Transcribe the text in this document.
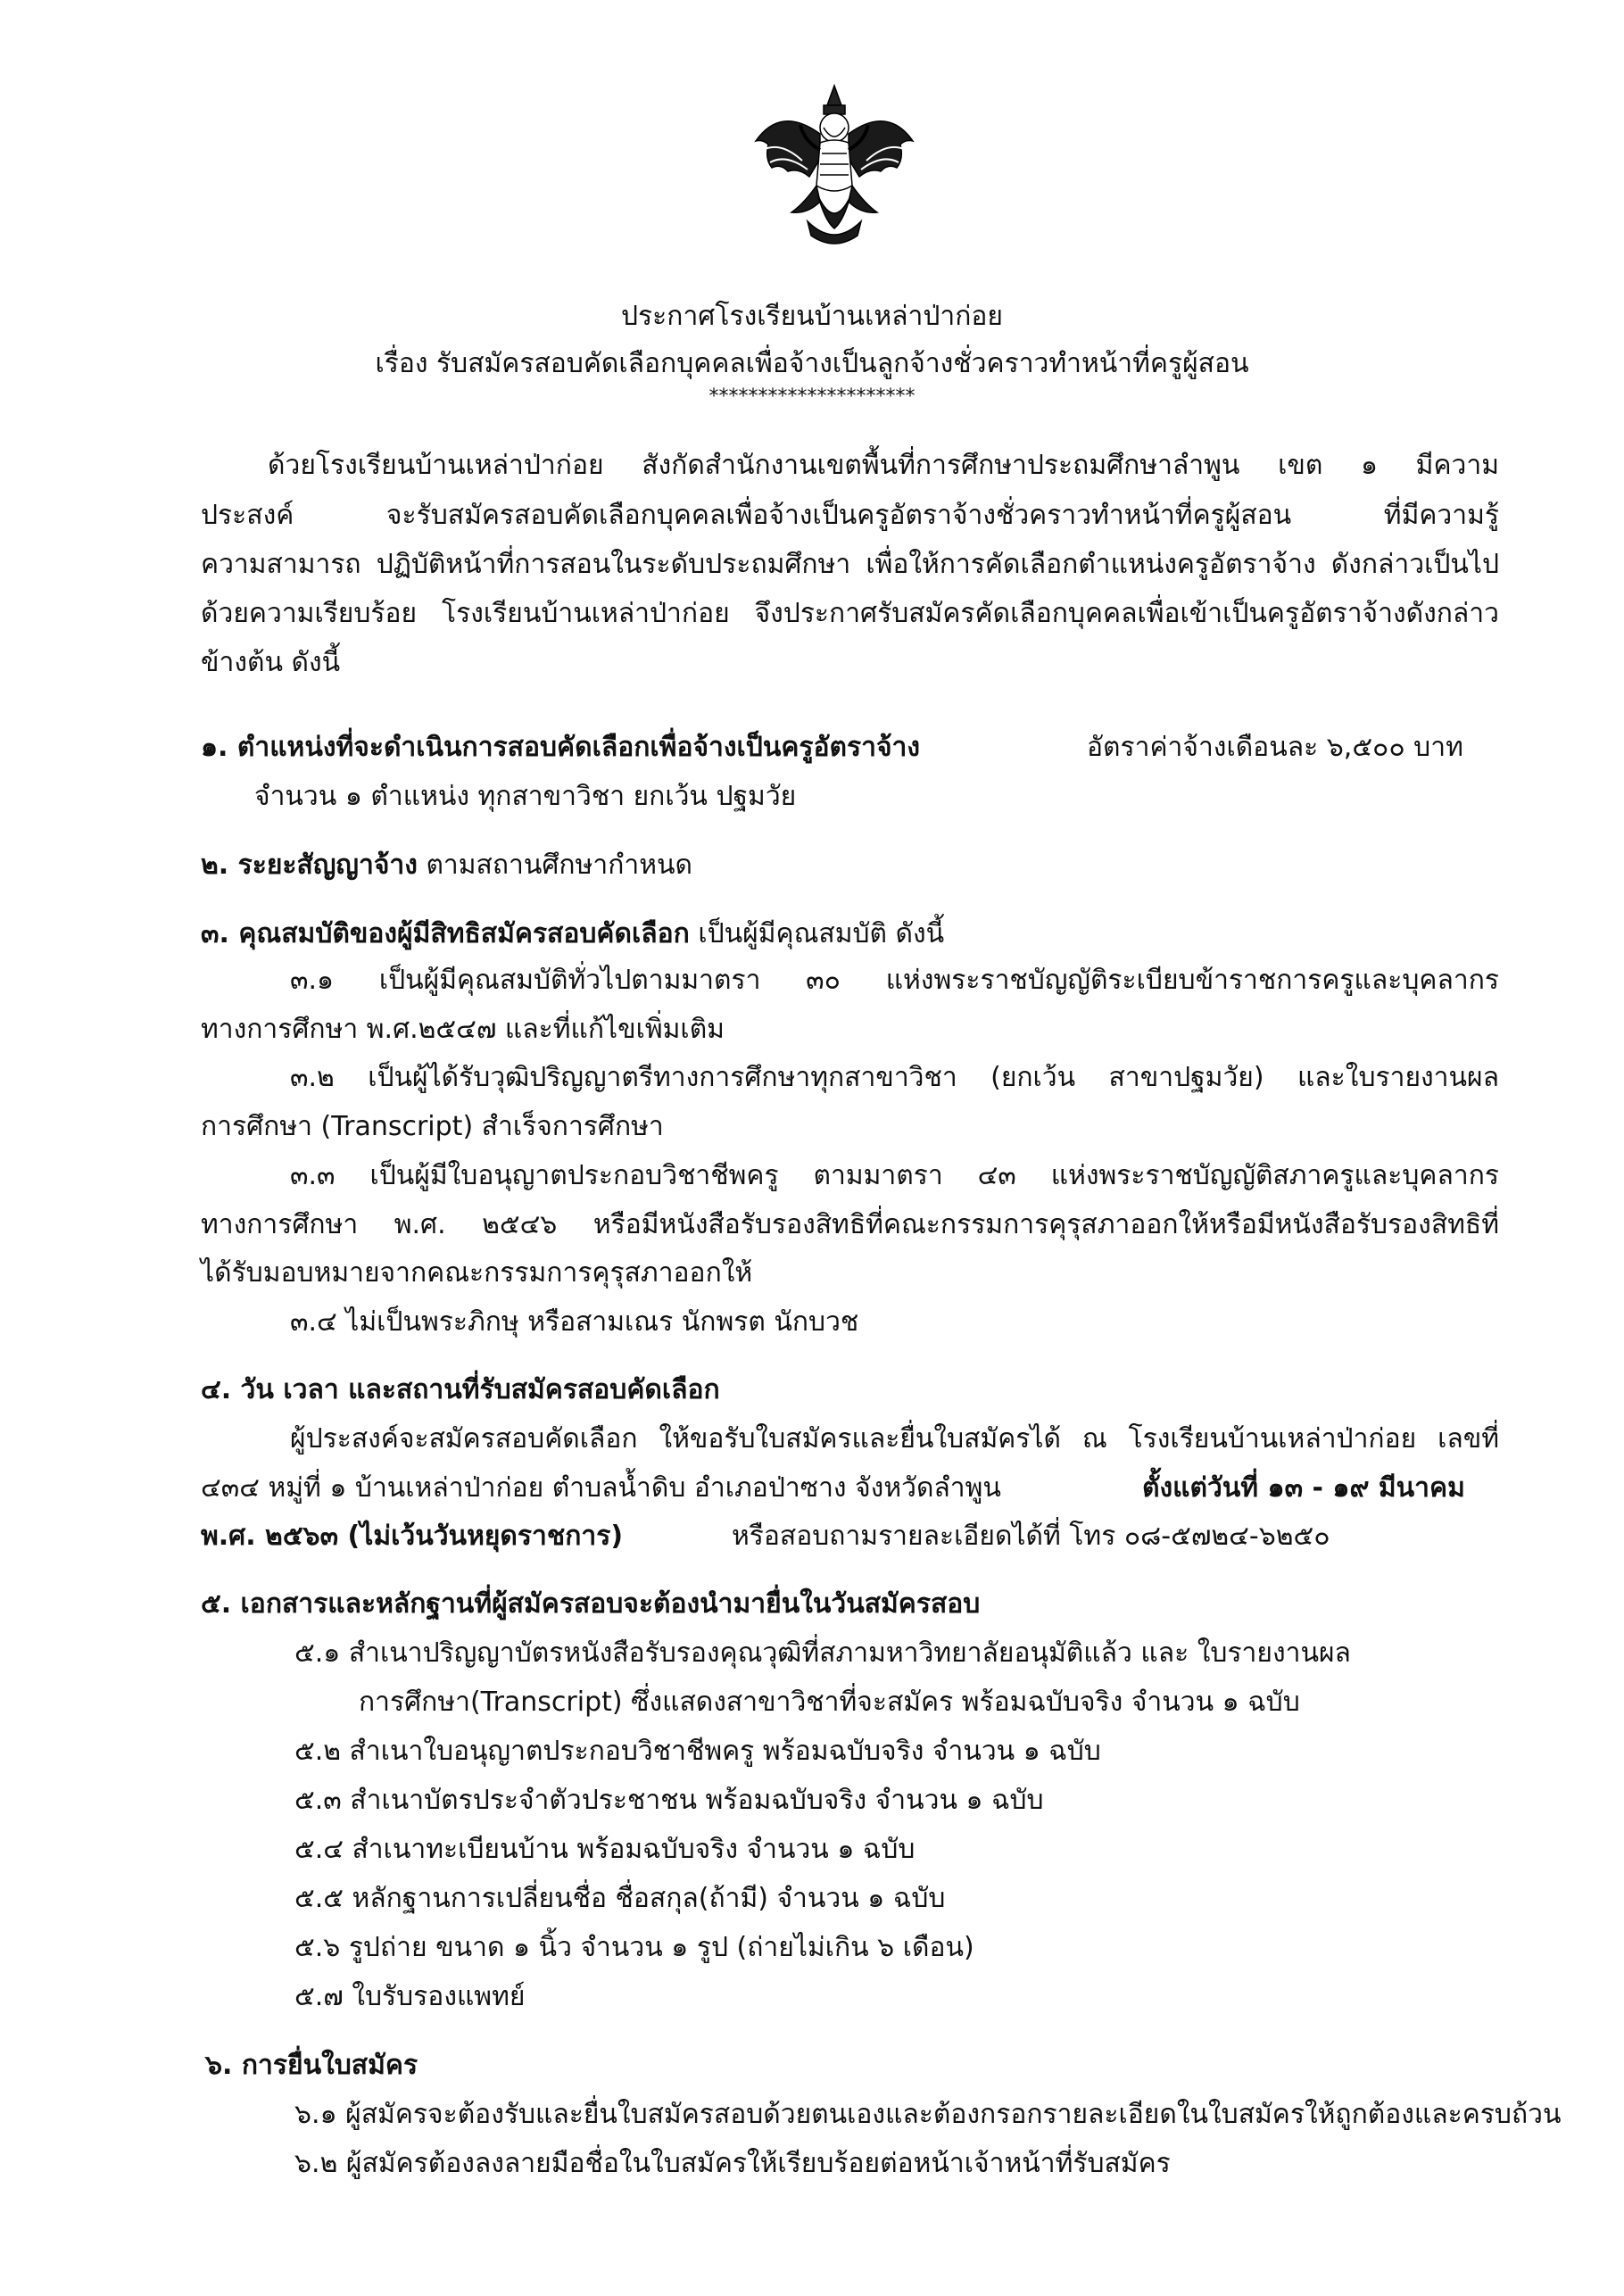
ประกาศโรงเรียนบ้านเหล่าป่าก่อย
เรื่อง รับสมัครสอบคัดเลือกบุคคลเพื่อจ้างเป็นลูกจ้างชั่วคราวทำหน้าที่ครูผู้สอน
*********************
ด้วยโรงเรียนบ้านเหล่าป่าก่อย สังกัดสำนักงานเขตพื้นที่การศึกษาประถมศึกษาลำพูน เขต ๑ มีความ
ประสงค์ จะรับสมัครสอบคัดเลือกบุคคลเพื่อจ้างเป็นครูอัตราจ้างชั่วคราวทำหน้าที่ครูผู้สอน ที่มีความรู้
ความสามารถ ปฏิบัติหน้าที่การสอนในระดับประถมศึกษา เพื่อให้การคัดเลือกตำแหน่งครูอัตราจ้าง ดังกล่าวเป็นไป
ด้วยความเรียบร้อย โรงเรียนบ้านเหล่าป่าก่อย จึงประกาศรับสมัครคัดเลือกบุคคลเพื่อเข้าเป็นครูอัตราจ้างดังกล่าว
ข้างต้น ดังนี้
๑. ตำแหน่งที่จะดำเนินการสอบคัดเลือกเพื่อจ้างเป็นครูอัตราจ้าง	อัตราค่าจ้างเดือนละ ๖,๕๐๐ บาท
จำนวน ๑ ตำแหน่ง ทุกสาขาวิชา ยกเว้น ปฐมวัย
๒. ระยะสัญญาจ้าง ตามสถานศึกษากำหนด
๓. คุณสมบัติของผู้มีสิทธิสมัครสอบคัดเลือก เป็นผู้มีคุณสมบัติ ดังนี้
๓.๑ เป็นผู้มีคุณสมบัติทั่วไปตามมาตรา ๓๐ แห่งพระราชบัญญัติระเบียบข้าราชการครูและบุคลากร
ทางการศึกษา พ.ศ.๒๕๔๗ และที่แก้ไขเพิ่มเติม
๓.๒ เป็นผู้ได้รับวุฒิปริญญาตรีทางการศึกษาทุกสาขาวิชา (ยกเว้น สาขาปฐมวัย) และใบรายงานผล
การศึกษา (Transcript) สำเร็จการศึกษา
๓.๓ เป็นผู้มีใบอนุญาตประกอบวิชาชีพครู ตามมาตรา ๔๓ แห่งพระราชบัญญัติสภาครูและบุคลากร
ทางการศึกษา พ.ศ. ๒๕๔๖ หรือมีหนังสือรับรองสิทธิที่คณะกรรมการคุรุสภาออกให้หรือมีหนังสือรับรองสิทธิที่
ได้รับมอบหมายจากคณะกรรมการคุรุสภาออกให้
๓.๔ ไม่เป็นพระภิกษุ หรือสามเณร นักพรต นักบวช
๔. วัน เวลา และสถานที่รับสมัครสอบคัดเลือก
ผู้ประสงค์จะสมัครสอบคัดเลือก ให้ขอรับใบสมัครและยื่นใบสมัครได้ ณ โรงเรียนบ้านเหล่าป่าก่อย เลขที่
๔๓๔ หมู่ที่ ๑ บ้านเหล่าป่าก่อย ตำบลน้ำดิบ อำเภอป่าซาง จังหวัดลำพูน	ตั้งแต่วันที่ ๑๓ - ๑๙ มีนาคม
พ.ศ. ๒๕๖๓ (ไม่เว้นวันหยุดราชการ)	หรือสอบถามรายละเอียดได้ที่ โทร ๐๘-๕๗๒๔-๖๒๕๐
๕. เอกสารและหลักฐานที่ผู้สมัครสอบจะต้องนำมายื่นในวันสมัครสอบ
๕.๑ สำเนาปริญญาบัตรหนังสือรับรองคุณวุฒิที่สภามหาวิทยาลัยอนุมัติแล้ว และ ใบรายงานผล
การศึกษา(Transcript) ซึ่งแสดงสาขาวิชาที่จะสมัคร พร้อมฉบับจริง จำนวน ๑ ฉบับ
๕.๒ สำเนาใบอนุญาตประกอบวิชาชีพครู พร้อมฉบับจริง จำนวน ๑ ฉบับ
๕.๓ สำเนาบัตรประจำตัวประชาชน พร้อมฉบับจริง จำนวน ๑ ฉบับ
๕.๔ สำเนาทะเบียนบ้าน พร้อมฉบับจริง จำนวน ๑ ฉบับ
๕.๕ หลักฐานการเปลี่ยนชื่อ ชื่อสกุล(ถ้ามี) จำนวน ๑ ฉบับ
๕.๖ รูปถ่าย ขนาด ๑ นิ้ว จำนวน ๑ รูป (ถ่ายไม่เกิน ๖ เดือน)
๕.๗ ใบรับรองแพทย์
๖. การยื่นใบสมัคร
๖.๑ ผู้สมัครจะต้องรับและยื่นใบสมัครสอบด้วยตนเองและต้องกรอกรายละเอียดในใบสมัครให้ถูกต้องและครบถ้วน
๖.๒ ผู้สมัครต้องลงลายมือชื่อในใบสมัครให้เรียบร้อยต่อหน้าเจ้าหน้าที่รับสมัคร
